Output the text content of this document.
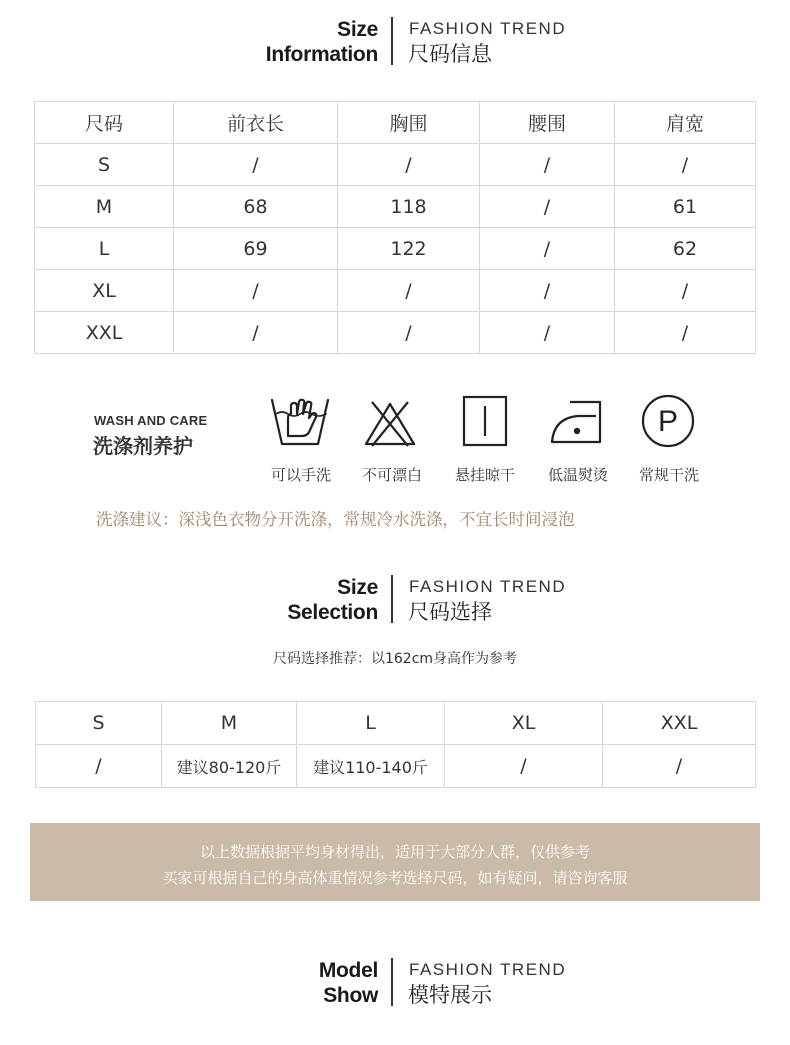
Size
Information
FASHION TREND
尺码信息
尺码	前衣长	胸围	腰围	肩宽
S	/	/	/	/
M	68	118	/	61
L	69	122	/	62
XL	/	/	/	/
XXL	/	/	/	/
WASH AND CARE
洗涤剂养护
P
可以手洗	不可漂白	悬挂晾干	低温熨烫	常规干洗
洗涤建议：深浅色衣物分开洗涤，常规冷水洗涤，不宜长时间浸泡
Size
Selection
FASHION TREND
尺码选择
尺码选择推荐：以162cm身高作为参考
S	M	L	XL	XXL
/	建议80-120斤	建议110-140斤	/	/
以上数据根据平均身材得出，适用于大部分人群，仅供参考
买家可根据自己的身高体重情况参考选择尺码，如有疑问，请咨询客服
Model
Show
FASHION TREND
模特展示
